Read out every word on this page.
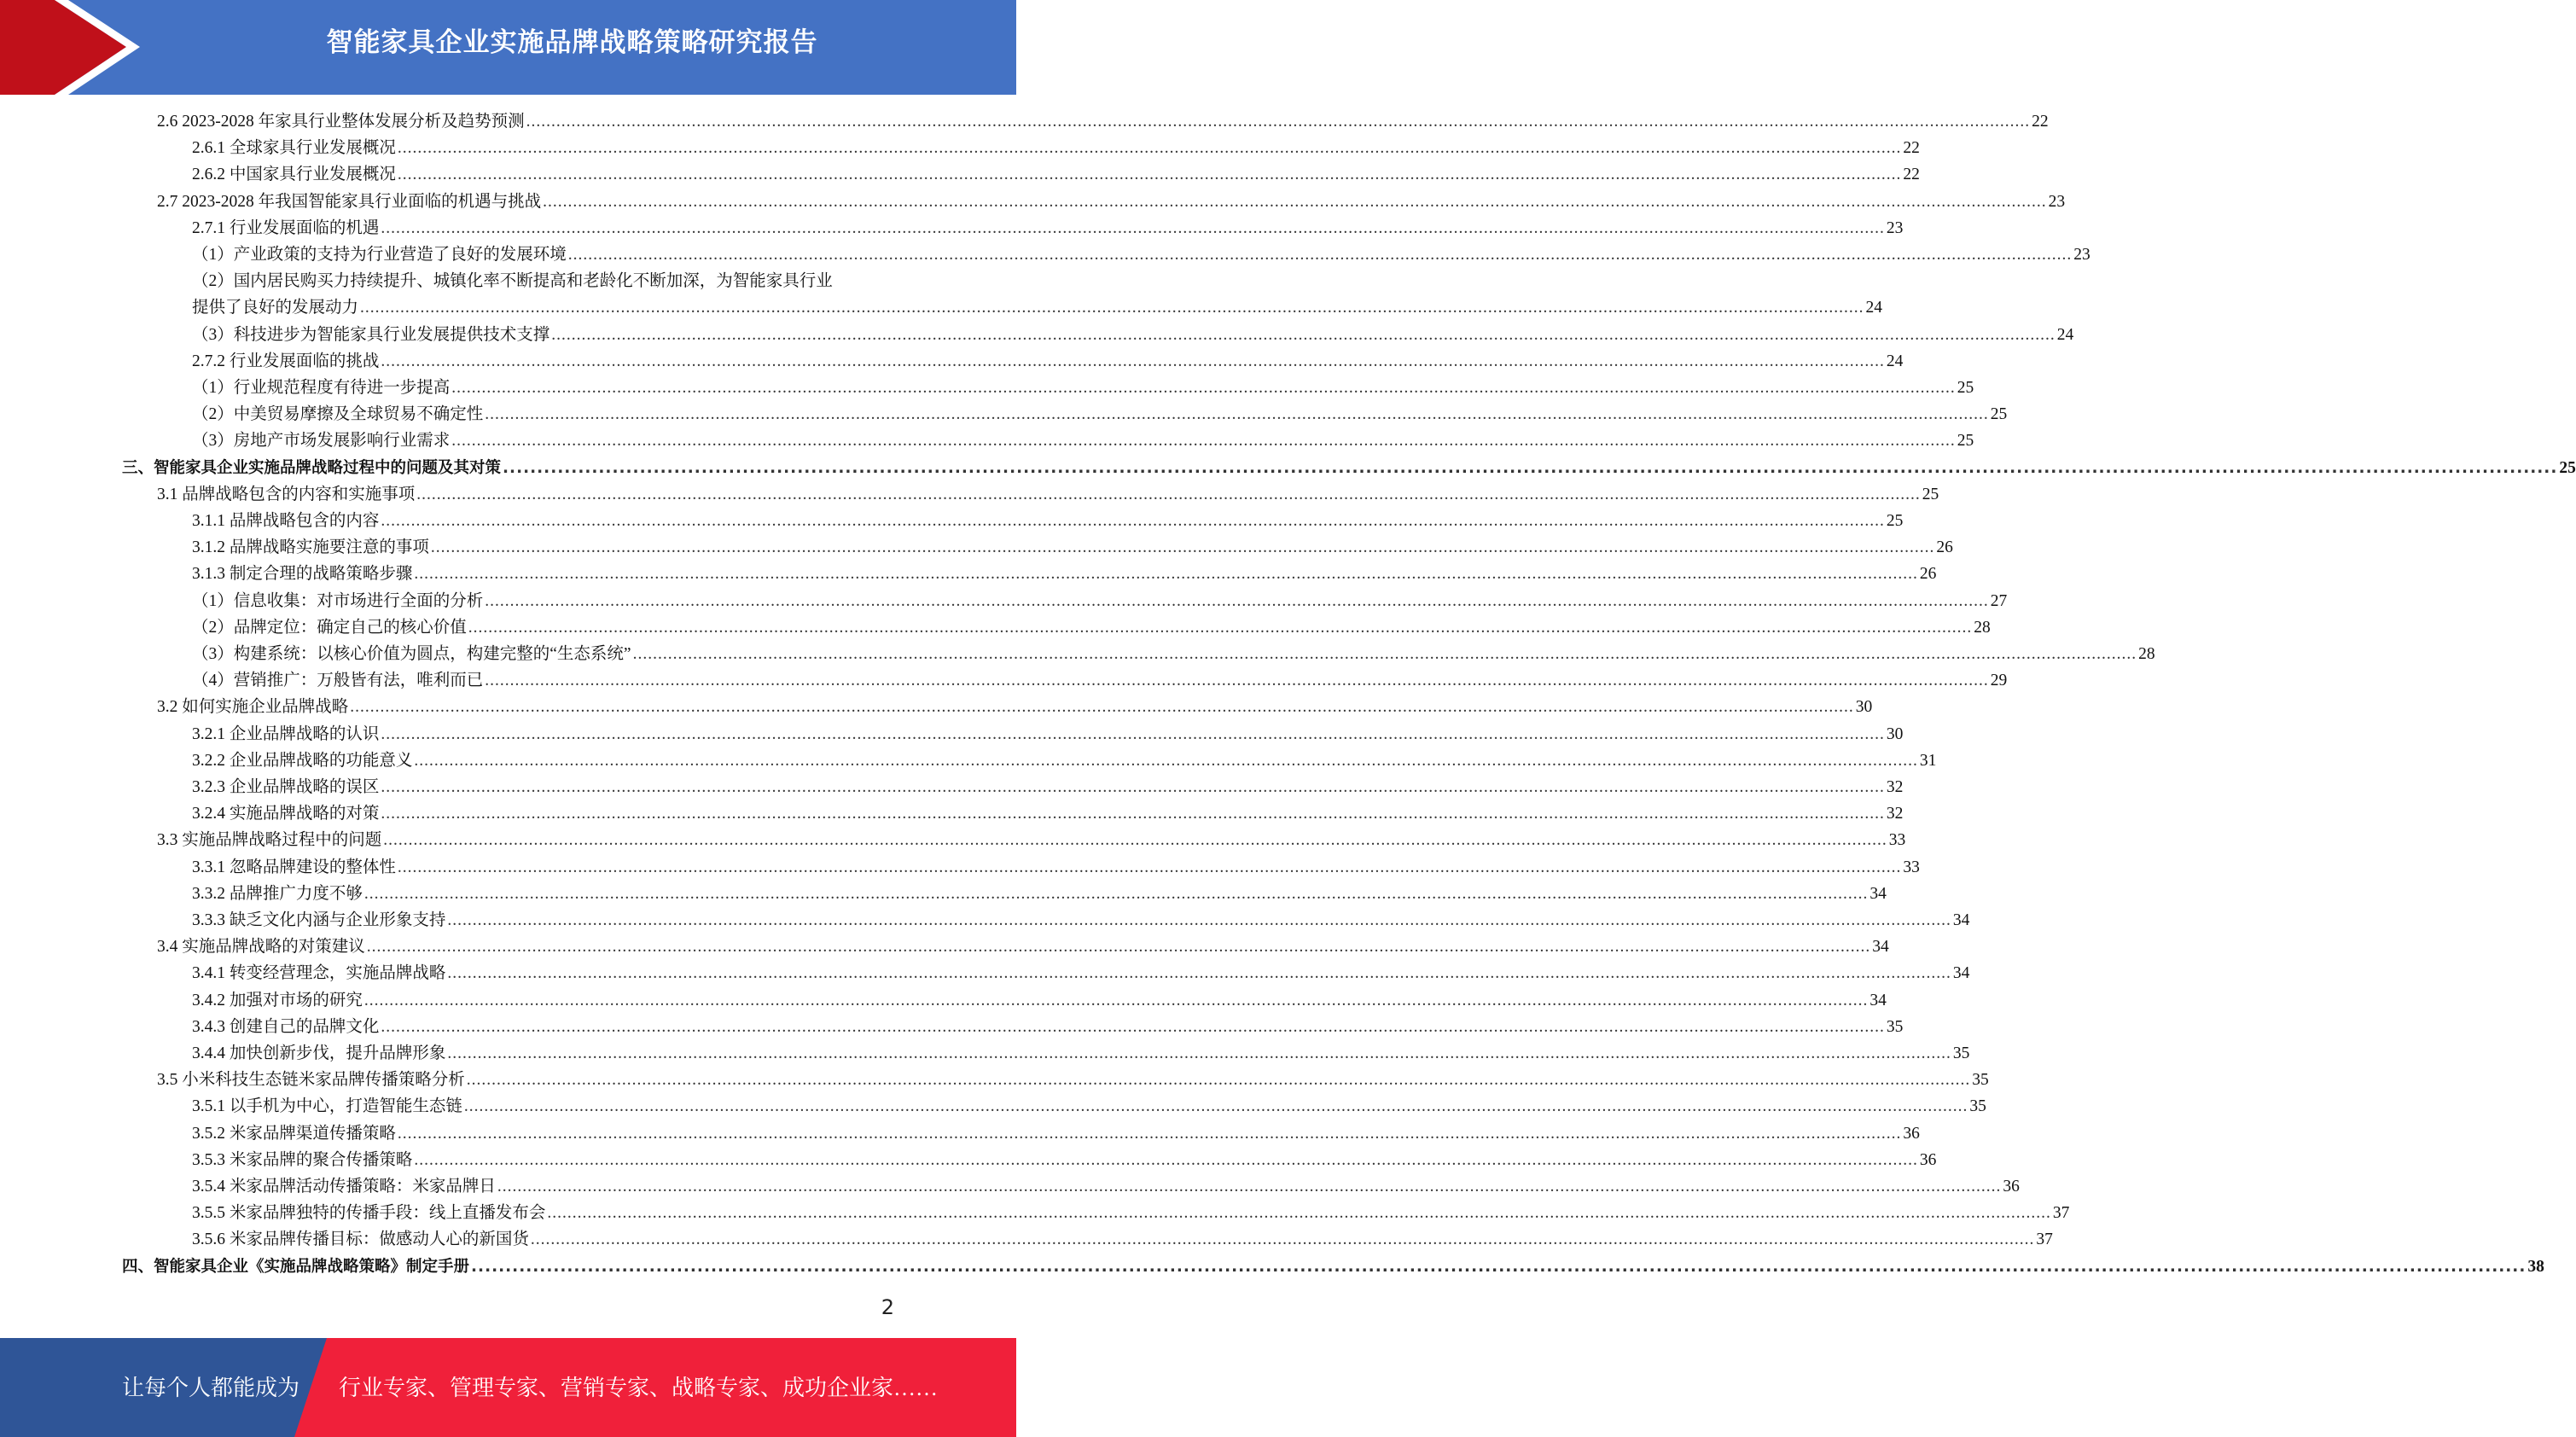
智能家具企业实施品牌战略策略研究报告
2.6 2023-2028 年家具行业整体发展分析及趋势预测 ............................................................................................................................................................................................................................................................................................................ 22
2.6.1 全球家具行业发展概况 ............................................................................................................................................................................................................................................................................................................ 22
2.6.2 中国家具行业发展概况 ............................................................................................................................................................................................................................................................................................................ 22
2.7 2023-2028 年我国智能家具行业面临的机遇与挑战 ............................................................................................................................................................................................................................................................................................................ 23
2.7.1 行业发展面临的机遇 ............................................................................................................................................................................................................................................................................................................ 23
（1）产业政策的支持为行业营造了良好的发展环境 ............................................................................................................................................................................................................................................................................................................ 23
（2）国内居民购买力持续提升、城镇化率不断提高和老龄化不断加深，为智能家具行业
提供了良好的发展动力 ............................................................................................................................................................................................................................................................................................................ 24
（3）科技进步为智能家具行业发展提供技术支撑 ............................................................................................................................................................................................................................................................................................................ 24
2.7.2 行业发展面临的挑战 ............................................................................................................................................................................................................................................................................................................ 24
（1）行业规范程度有待进一步提高 ............................................................................................................................................................................................................................................................................................................ 25
（2）中美贸易摩擦及全球贸易不确定性 ............................................................................................................................................................................................................................................................................................................ 25
（3）房地产市场发展影响行业需求 ............................................................................................................................................................................................................................................................................................................ 25
三、智能家具企业实施品牌战略过程中的问题及其对策 ............................................................................................................................................................................................................................................................................................................ 25
3.1 品牌战略包含的内容和实施事项 ............................................................................................................................................................................................................................................................................................................ 25
3.1.1 品牌战略包含的内容 ............................................................................................................................................................................................................................................................................................................ 25
3.1.2 品牌战略实施要注意的事项 ............................................................................................................................................................................................................................................................................................................ 26
3.1.3 制定合理的战略策略步骤 ............................................................................................................................................................................................................................................................................................................ 26
（1）信息收集：对市场进行全面的分析 ............................................................................................................................................................................................................................................................................................................ 27
（2）品牌定位：确定自己的核心价值 ............................................................................................................................................................................................................................................................................................................ 28
（3）构建系统：以核心价值为圆点，构建完整的“生态系统” ............................................................................................................................................................................................................................................................................................................ 28
（4）营销推广：万般皆有法，唯利而已 ............................................................................................................................................................................................................................................................................................................ 29
3.2 如何实施企业品牌战略 ............................................................................................................................................................................................................................................................................................................ 30
3.2.1 企业品牌战略的认识 ............................................................................................................................................................................................................................................................................................................ 30
3.2.2 企业品牌战略的功能意义 ............................................................................................................................................................................................................................................................................................................ 31
3.2.3 企业品牌战略的误区 ............................................................................................................................................................................................................................................................................................................ 32
3.2.4 实施品牌战略的对策 ............................................................................................................................................................................................................................................................................................................ 32
3.3 实施品牌战略过程中的问题 ............................................................................................................................................................................................................................................................................................................ 33
3.3.1 忽略品牌建设的整体性 ............................................................................................................................................................................................................................................................................................................ 33
3.3.2 品牌推广力度不够 ............................................................................................................................................................................................................................................................................................................ 34
3.3.3 缺乏文化内涵与企业形象支持 ............................................................................................................................................................................................................................................................................................................ 34
3.4 实施品牌战略的对策建议 ............................................................................................................................................................................................................................................................................................................ 34
3.4.1 转变经营理念，实施品牌战略 ............................................................................................................................................................................................................................................................................................................ 34
3.4.2 加强对市场的研究 ............................................................................................................................................................................................................................................................................................................ 34
3.4.3 创建自己的品牌文化 ............................................................................................................................................................................................................................................................................................................ 35
3.4.4 加快创新步伐，提升品牌形象 ............................................................................................................................................................................................................................................................................................................ 35
3.5 小米科技生态链米家品牌传播策略分析 ............................................................................................................................................................................................................................................................................................................ 35
3.5.1 以手机为中心，打造智能生态链 ............................................................................................................................................................................................................................................................................................................ 35
3.5.2 米家品牌渠道传播策略 ............................................................................................................................................................................................................................................................................................................ 36
3.5.3 米家品牌的聚合传播策略 ............................................................................................................................................................................................................................................................................................................ 36
3.5.4 米家品牌活动传播策略：米家品牌日 ............................................................................................................................................................................................................................................................................................................ 36
3.5.5 米家品牌独特的传播手段：线上直播发布会 ............................................................................................................................................................................................................................................................................................................ 37
3.5.6 米家品牌传播目标：做感动人心的新国货 ............................................................................................................................................................................................................................................................................................................ 37
四、智能家具企业《实施品牌战略策略》制定手册 ............................................................................................................................................................................................................................................................................................................ 38
2
让每个人都能成为 行业专家、管理专家、营销专家、战略专家、成功企业家……
